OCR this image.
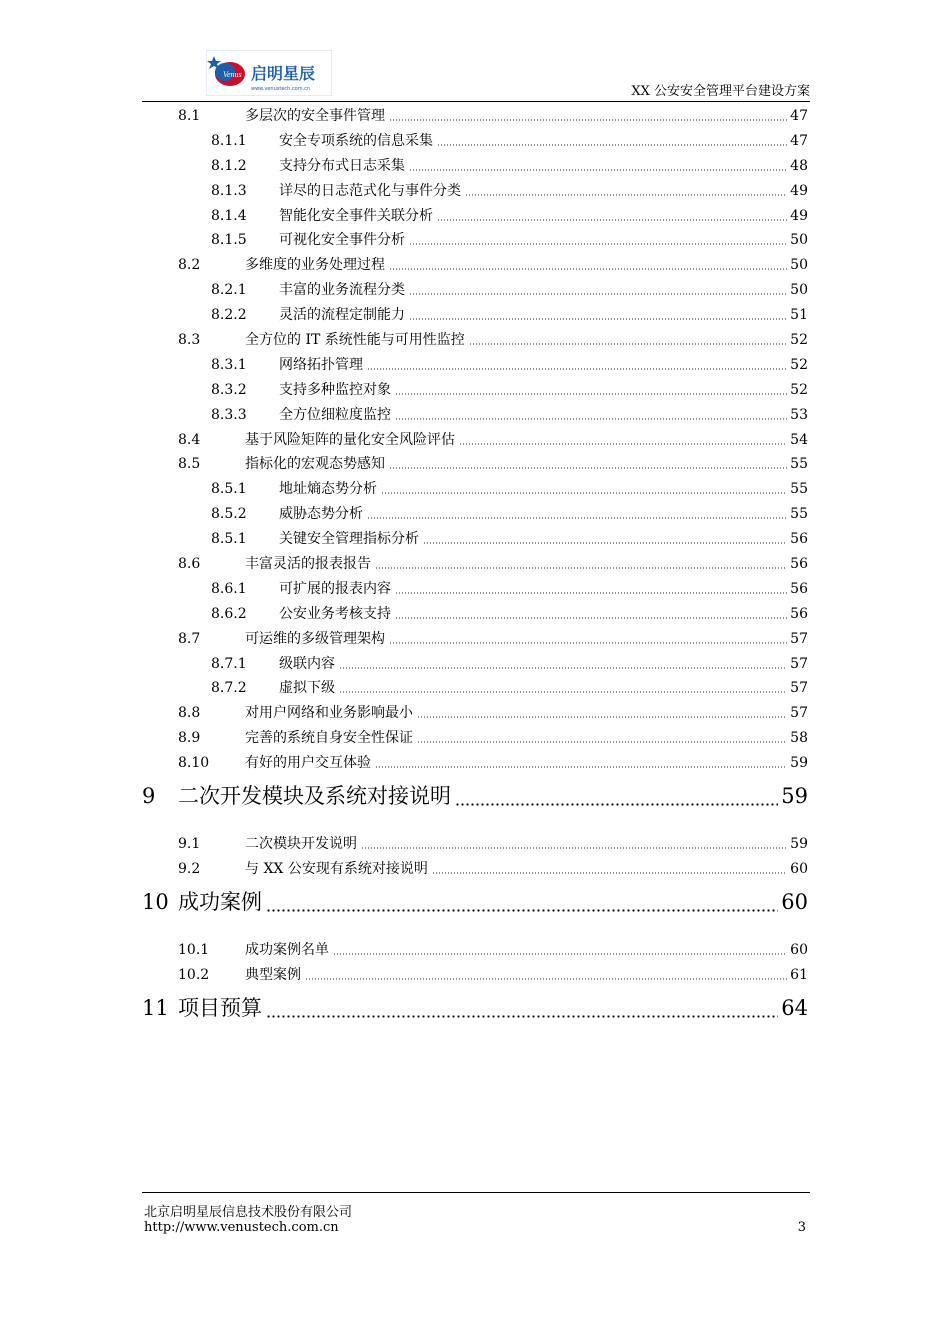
Venus 启明星辰
www.venustech.com.cn	XX 公安安全管理平台建设方案
8.1	多层次的安全事件管理	47
8.1.1 安全专项系统的信息采集	47
8.1.2 支持分布式日志采集	48
8.1.3 详尽的日志范式化与事件分类	49
8.1.4 智能化安全事件关联分析	49
8.1.5 可视化安全事件分析	50
8.2	多维度的业务处理过程	50
8.2.1 丰富的业务流程分类	50
8.2.2 灵活的流程定制能力	51
8.3	全方位的 IT 系统性能与可用性监控	52
8.3.1 网络拓扑管理	52
8.3.2 支持多种监控对象	52
8.3.3 全方位细粒度监控	53
8.4	基于风险矩阵的量化安全风险评估	54
8.5	指标化的宏观态势感知	55
8.5.1 地址熵态势分析	55
8.5.2 威胁态势分析	55
8.5.1 关键安全管理指标分析	56
8.6	丰富灵活的报表报告	56
8.6.1 可扩展的报表内容	56
8.6.2 公安业务考核支持	56
8.7	可运维的多级管理架构	57
8.7.1 级联内容	57
8.7.2 虚拟下级	57
8.8	对用户网络和业务影响最小	57
8.9	完善的系统自身安全性保证	58
8.10	有好的用户交互体验	59
9 二次开发模块及系统对接说明	59
9.1	二次模块开发说明	59
9.2	与 XX 公安现有系统对接说明	60
10 成功案例	60
10.1	成功案例名单	60
10.2	典型案例	61
11 项目预算	64
北京启明星辰信息技术股份有限公司
http://www.venustech.com.cn	3
